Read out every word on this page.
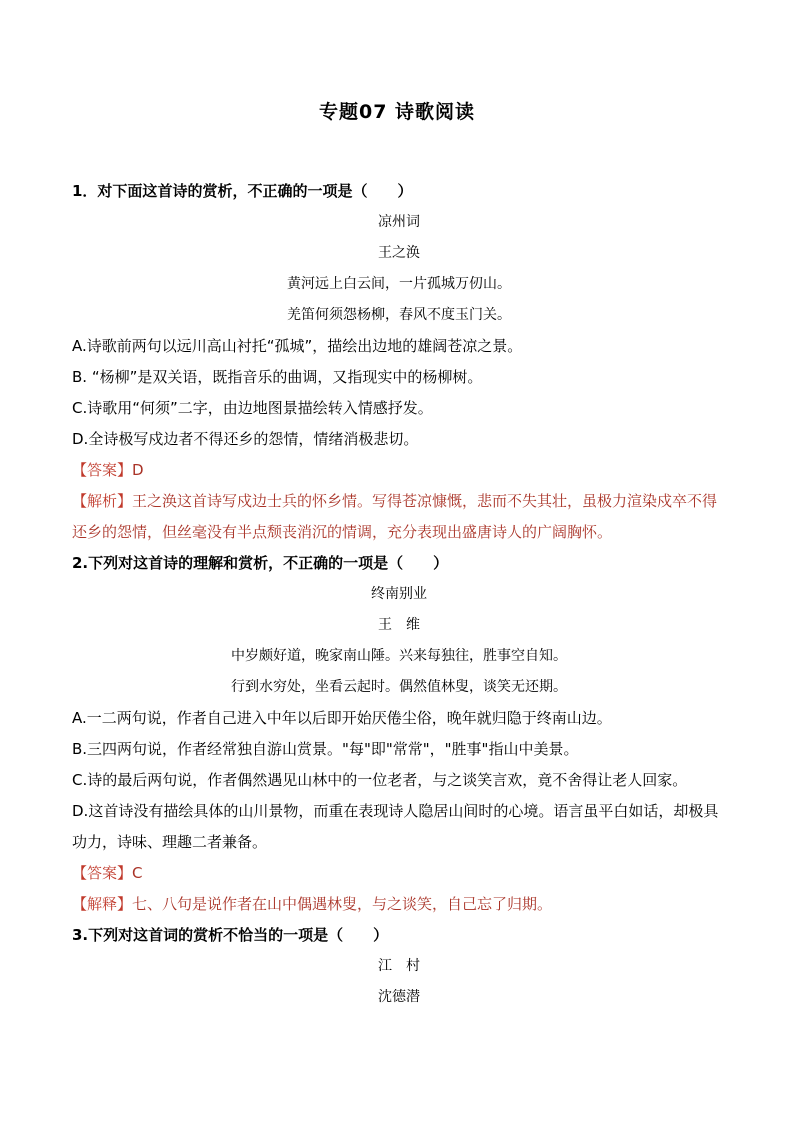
专题07 诗歌阅读
1．对下面这首诗的赏析，不正确的一项是（　　）
凉州词
王之涣
黄河远上白云间，一片孤城万仞山。
羌笛何须怨杨柳，春风不度玉门关。
A.诗歌前两句以远川高山衬托“孤城”，描绘出边地的雄阔苍凉之景。
B. “杨柳”是双关语，既指音乐的曲调，又指现实中的杨柳树。
C.诗歌用“何须”二字，由边地图景描绘转入情感抒发。
D.全诗极写戍边者不得还乡的怨情，情绪消极悲切。
【答案】D
【解析】王之涣这首诗写戍边士兵的怀乡情。写得苍凉慷慨，悲而不失其壮，虽极力渲染戍卒不得还乡的怨情，但丝毫没有半点颓丧消沉的情调，充分表现出盛唐诗人的广阔胸怀。
2.下列对这首诗的理解和赏析，不正确的一项是（　　）
终南别业
王　维
中岁颇好道，晚家南山陲。兴来每独往，胜事空自知。
行到水穷处，坐看云起时。偶然值林叟，谈笑无还期。
A.一二两句说，作者自己进入中年以后即开始厌倦尘俗，晚年就归隐于终南山边。
B.三四两句说，作者经常独自游山赏景。"每"即"常常"，"胜事"指山中美景。
C.诗的最后两句说，作者偶然遇见山林中的一位老者，与之谈笑言欢，竟不舍得让老人回家。
D.这首诗没有描绘具体的山川景物，而重在表现诗人隐居山间时的心境。语言虽平白如话，却极具功力，诗味、理趣二者兼备。
【答案】C
【解释】七、八句是说作者在山中偶遇林叟，与之谈笑，自己忘了归期。
3.下列对这首词的赏析不恰当的一项是（　　）
江　村
沈德潜
